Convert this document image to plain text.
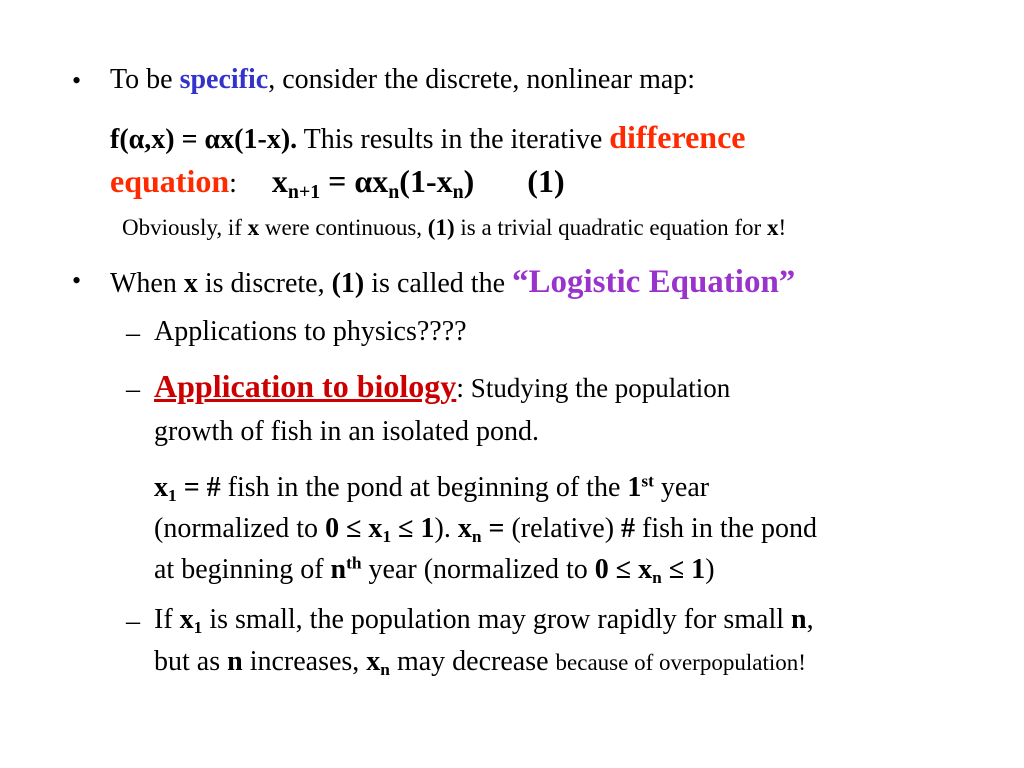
• To be specific, consider the discrete, nonlinear map:
f(α,x) = αx(1-x). This results in the iterative difference
equation: $x_{n+1} = \alpha x_n(1-x_n)$ (1)
Obviously, if x were continuous, (1) is a trivial quadratic equation for x!
• When x is discrete, (1) is called the “Logistic Equation”
– Applications to physics????
– Application to biology: Studying the population
growth of fish in an isolated pond.
$x_1$ = # fish in the pond at beginning of the 1st year
(normalized to $0 \le x_1 \le 1$). $x_n$ = (relative) # fish in the pond
at beginning of $n^{th}$ year (normalized to $0 \le x_n \le 1$)
– If $x_1$ is small, the population may grow rapidly for small n,
but as n increases, $x_n$ may decrease because of overpopulation!
